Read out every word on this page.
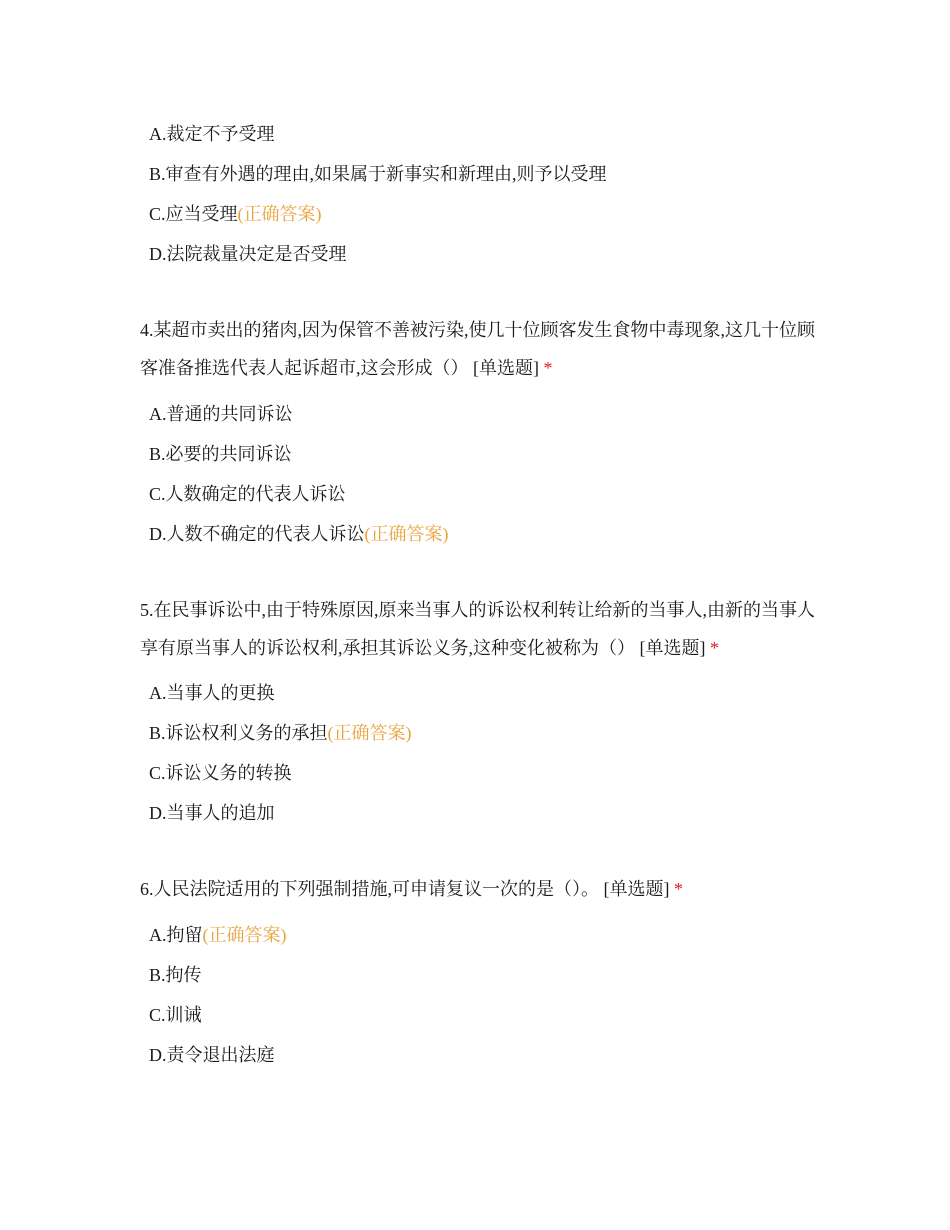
A.裁定不予受理
B.审查有外遇的理由,如果属于新事实和新理由,则予以受理
C.应当受理(正确答案)
D.法院裁量决定是否受理
4.某超市卖出的猪肉,因为保管不善被污染,使几十位顾客发生食物中毒现象,这几十位顾客准备推选代表人起诉超市,这会形成（） [单选题] *
A.普通的共同诉讼
B.必要的共同诉讼
C.人数确定的代表人诉讼
D.人数不确定的代表人诉讼(正确答案)
5.在民事诉讼中,由于特殊原因,原来当事人的诉讼权利转让给新的当事人,由新的当事人享有原当事人的诉讼权利,承担其诉讼义务,这种变化被称为（） [单选题] *
A.当事人的更换
B.诉讼权利义务的承担(正确答案)
C.诉讼义务的转换
D.当事人的追加
6.人民法院适用的下列强制措施,可申请复议一次的是（）。 [单选题] *
A.拘留(正确答案)
B.拘传
C.训诫
D.责令退出法庭
